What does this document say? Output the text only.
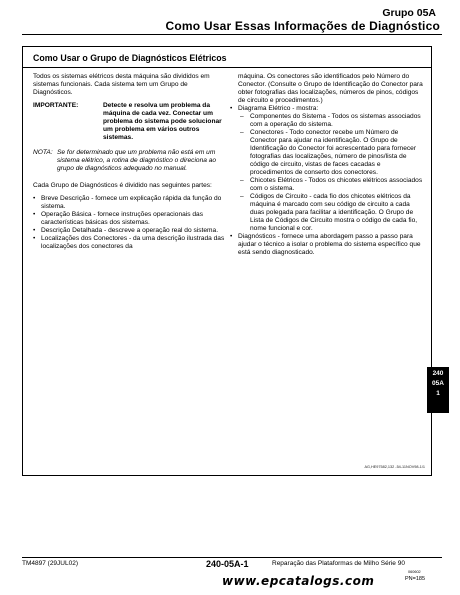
Grupo 05A
Como Usar Essas Informações de Diagnóstico
Como Usar o Grupo de Diagnósticos Elétricos

Todos os sistemas elétricos desta máquina são divididos em sistemas funcionais. Cada sistema tem um Grupo de Diagnósticos.

IMPORTANTE:	Detecte e resolva um problema da máquina de cada vez. Conectar um problema do sistema pode solucionar um problema em vários outros sistemas.
NOTA: Se for determinado que um problema não está em um sistema elétrico, a rotina de diagnóstico o direciona ao grupo de diagnósticos adequado no manual.

Cada Grupo de Diagnósticos é dividido nas seguintes partes:

• Breve Descrição - fornece um explicação rápida da função do sistema.
• Operação Básica - fornece instruções operacionais das características básicas dos sistemas.
• Descrição Detalhada - descreve a operação real do sistema.
• Localizações dos Conectores - da uma descrição ilustrada das localizações dos conectores da

máquina. Os conectores são identificados pelo Número do Conector. (Consulte o Grupo de Identificação do Conector para obter fotografias das localizações, números de pinos, códigos de circuito e procedimentos.)

• Diagrama Elétrico - mostra:
– Componentes do Sistema - Todos os sistemas associados com a operação do sistema.
– Conectores - Todo conector recebe um Número de Conector para ajudar na identificação. O Grupo de Identificação do Conector foi acrescentado para fornecer fotografias das localizações, número de pinos/lista de código de circuito, vistas de faces cacadas e procedimentos de conserto dos conectores.
– Chicotes Elétricos - Todos os chicotes elétricos associados com o sistema.
– Códigos de Circuito - cada fio dos chicotes elétricos da máquina é marcado com seu código de circuito a cada duas polegada para facilitar a identificação. O Grupo de Lista de Códigos de Circuito mostra o código de cada fio, nome funcional e cor.
• Diagnósticos - fornece uma abordagem passo a passo para ajudar o técnico a isolar o problema do sistema específico que está sendo diagnosticado.
AG,HE97582,132 -54-11NOV98-1/1
240
05A
1
TM4897 (29JUL02)	240-05A-1	Reparação das Plataformas de Milho Série 90
060602
PN=185
www.epcatalogs.com
